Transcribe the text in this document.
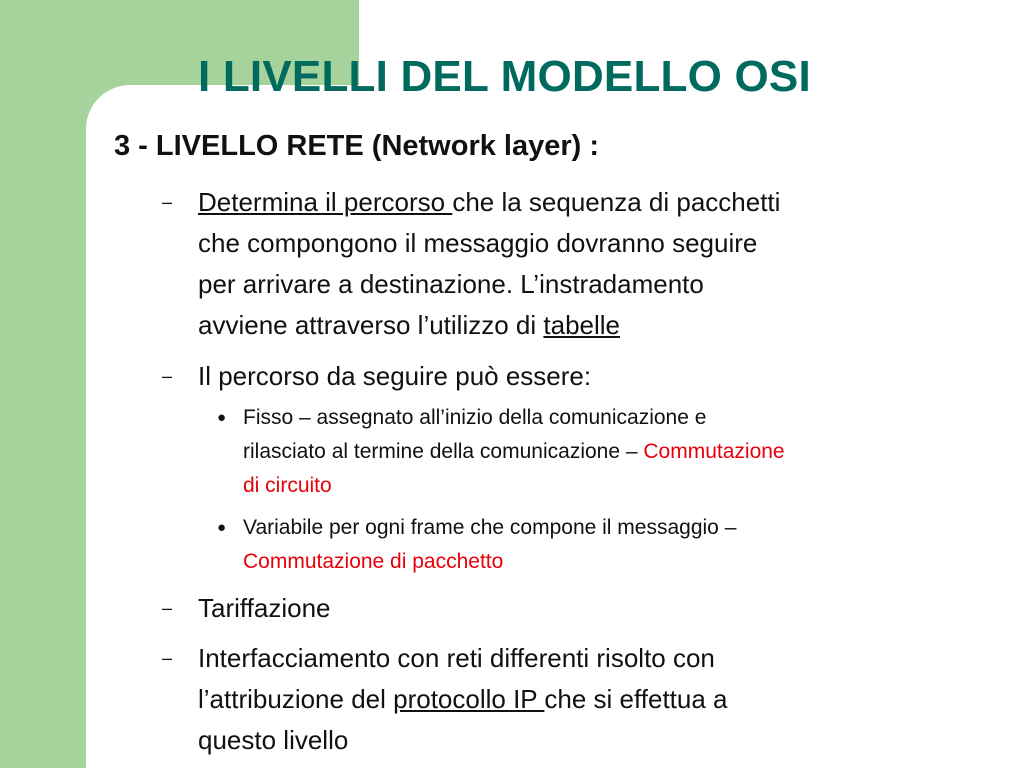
I LIVELLI DEL MODELLO OSI
3 - LIVELLO RETE (Network layer) :
– Determina il percorso che la sequenza di pacchetti
che compongono il messaggio dovranno seguire
per arrivare a destinazione. L’instradamento
avviene attraverso l’utilizzo di tabelle
– Il percorso da seguire può essere:
● Fisso – assegnato all’inizio della comunicazione e
rilasciato al termine della comunicazione – Commutazione
di circuito
● Variabile per ogni frame che compone il messaggio –
Commutazione di pacchetto
– Tariffazione
– Interfacciamento con reti differenti risolto con
l’attribuzione del protocollo IP che si effettua a
questo livello
